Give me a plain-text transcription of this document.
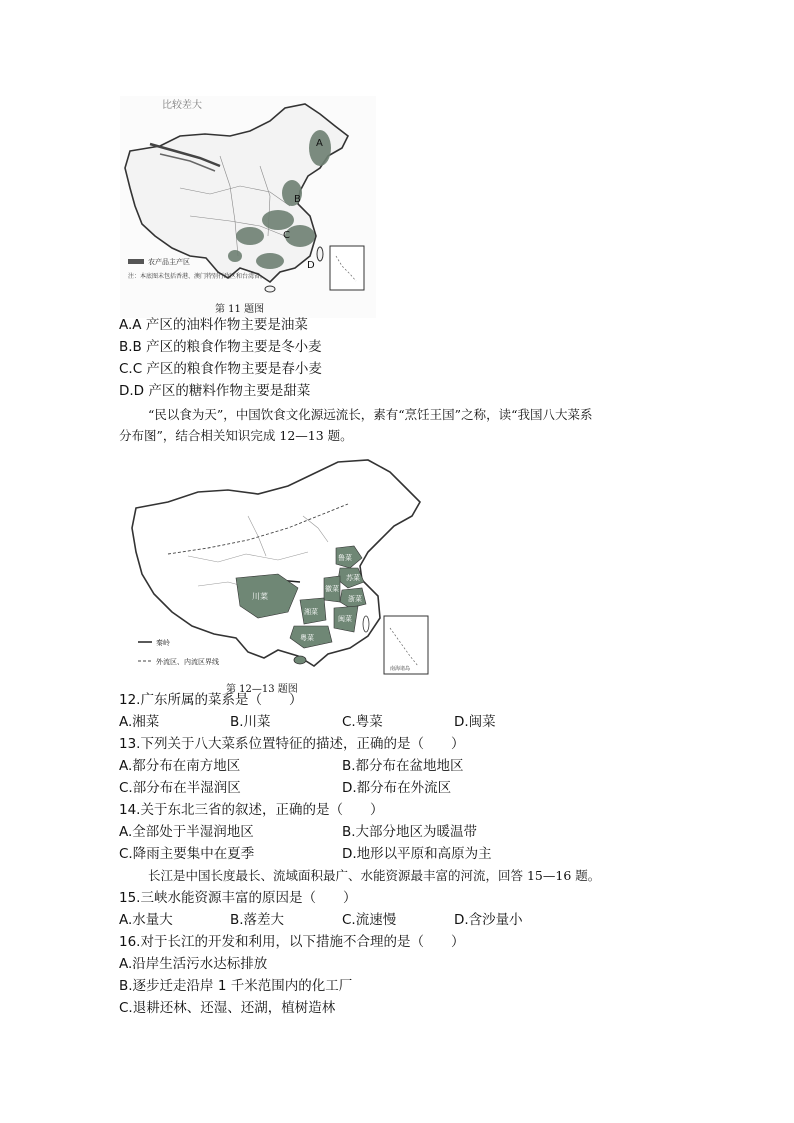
比较差大
A
B
C
D
农产品主产区
注：本底图未包括香港、澳门特别行政区和台湾省。
第 11 题图
A.A 产区的油料作物主要是油菜
B.B 产区的粮食作物主要是冬小麦
C.C 产区的粮食作物主要是春小麦
D.D 产区的糖料作物主要是甜菜
“民以食为天”，中国饮食文化源远流长，素有“烹饪王国”之称，读“我国八大菜系
分布图”，结合相关知识完成 12—13 题。
鲁菜
苏菜
浙菜
徽菜
川菜
湘菜
闽菜
粤菜
南海诸岛
秦岭
外流区、内流区界线
第 12—13 题图
12.广东所属的菜系是（　　）
A.湘菜	B.川菜	C.粤菜	D.闽菜
13.下列关于八大菜系位置特征的描述，正确的是（　　）
A.都分布在南方地区	B.都分布在盆地地区
C.部分布在半湿润区	D.都分布在外流区
14.关于东北三省的叙述，正确的是（　　）
A.全部处于半湿润地区	B.大部分地区为暖温带
C.降雨主要集中在夏季	D.地形以平原和高原为主
长江是中国长度最长、流域面积最广、水能资源最丰富的河流，回答 15—16 题。
15.三峡水能资源丰富的原因是（　　）
A.水量大	B.落差大	C.流速慢	D.含沙量小
16.对于长江的开发和利用，以下措施不合理的是（　　）
A.沿岸生活污水达标排放
B.逐步迁走沿岸 1 千米范围内的化工厂
C.退耕还林、还湿、还湖，植树造林
